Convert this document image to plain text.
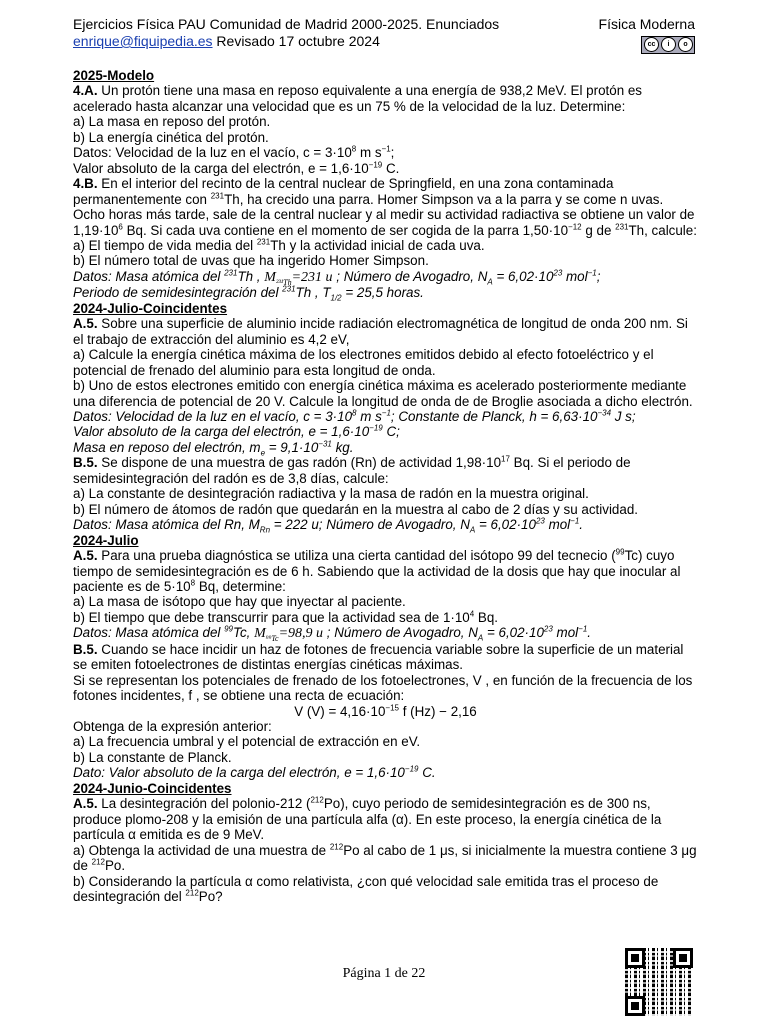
Ejercicios Física PAU Comunidad de Madrid 2000-2025. Enunciados
enrique@fiquipedia.es Revisado 17 octubre 2024
Física Moderna
cc	i	o

2025-Modelo

4.A. Un protón tiene una masa en reposo equivalente a una energía de 938,2 MeV. El protón es acelerado hasta alcanzar una velocidad que es un 75 % de la velocidad de la luz. Determine:

a) La masa en reposo del protón.

b) La energía cinética del protón.

Datos: Velocidad de la luz en el vacío, $c = 3\cdot 10^8$ m $s^{-1}$;

Valor absoluto de la carga del electrón, $e = 1,6\cdot 10^{-19}$ C.

4.B. En el interior del recinto de la central nuclear de Springfield, en una zona contaminada permanentemente con $^{231}$Th, ha crecido una parra. Homer Simpson va a la parra y se come n uvas. Ocho horas más tarde, sale de la central nuclear y al medir su actividad radiactiva se obtiene un valor de $1,19\cdot 10^6$ Bq. Si cada uva contiene en el momento de ser cogida de la parra $1,50\cdot 10^{-12}$ g de $^{231}$Th, calcule:

a) El tiempo de vida media del $^{231}$Th y la actividad inicial de cada uva.

b) El número total de uvas que ha ingerido Homer Simpson.

Datos: Masa atómica del $^{231}$Th , $M_{^{231}Th}=231$ u ; Número de Avogadro, $N_A = 6,02\cdot 10^{23}$ mol$^{-1}$;

Periodo de semidesintegración del $^{231}$Th , $T_{1/2} = 25,5$ horas.

2024-Julio-Coincidentes

A.5. Sobre una superficie de aluminio incide radiación electromagnética de longitud de onda 200 nm. Si el trabajo de extracción del aluminio es 4,2 eV,

a) Calcule la energía cinética máxima de los electrones emitidos debido al efecto fotoeléctrico y el potencial de frenado del aluminio para esta longitud de onda.

b) Uno de estos electrones emitido con energía cinética máxima es acelerado posteriormente mediante una diferencia de potencial de 20 V. Calcule la longitud de onda de de Broglie asociada a dicho electrón.

Datos: Velocidad de la luz en el vacío, $c = 3\cdot 10^8$ m $s^{-1}$; Constante de Planck, $h = 6,63\cdot 10^{-34}$ J s;

Valor absoluto de la carga del electrón, $e = 1,6\cdot 10^{-19}$ C;

Masa en reposo del electrón, $m_e = 9,1\cdot 10^{-31}$ kg.

B.5. Se dispone de una muestra de gas radón (Rn) de actividad $1,98\cdot 10^{17}$ Bq. Si el periodo de semidesintegración del radón es de 3,8 días, calcule:

a) La constante de desintegración radiactiva y la masa de radón en la muestra original.

b) El número de átomos de radón que quedarán en la muestra al cabo de 2 días y su actividad.

Datos: Masa atómica del Rn, $M_{Rn} = 222$ u; Número de Avogadro, $N_A = 6,02\cdot 10^{23}$ mol$^{-1}$.

2024-Julio

A.5. Para una prueba diagnóstica se utiliza una cierta cantidad del isótopo 99 del tecnecio ($^{99}$Tc) cuyo tiempo de semidesintegración es de 6 h. Sabiendo que la actividad de la dosis que hay que inocular al paciente es de $5\cdot 10^8$ Bq, determine:

a) La masa de isótopo que hay que inyectar al paciente.

b) El tiempo que debe transcurrir para que la actividad sea de $1\cdot 10^4$ Bq.

Datos: Masa atómica del $^{99}$Tc, $M_{^{99}Tc}=98,9$ u ; Número de Avogadro, $N_A = 6,02\cdot 10^{23}$ mol$^{-1}$.

B.5. Cuando se hace incidir un haz de fotones de frecuencia variable sobre la superficie de un material se emiten fotoelectrones de distintas energías cinéticas máximas.

Si se representan los potenciales de frenado de los fotoelectrones, V , en función de la frecuencia de los fotones incidentes, f , se obtiene una recta de ecuación:

V $(V) = 4,16\cdot 10^{-15}$ f (Hz) − 2,16

Obtenga de la expresión anterior:

a) La frecuencia umbral y el potencial de extracción en eV.

b) La constante de Planck.

Dato: Valor absoluto de la carga del electrón, $e = 1,6\cdot 10^{-19}$ C.

2024-Junio-Coincidentes

A.5. La desintegración del polonio-212 ($^{212}$Po), cuyo periodo de semidesintegración es de 300 ns, produce plomo-208 y la emisión de una partícula alfa (α). En este proceso, la energía cinética de la partícula α emitida es de 9 MeV.

a) Obtenga la actividad de una muestra de $^{212}$Po al cabo de 1 μs, si inicialmente la muestra contiene 3 μg de $^{212}$Po.

b) Considerando la partícula α como relativista, ¿con qué velocidad sale emitida tras el proceso de desintegración del $^{212}$Po?

Página 1 de 22
